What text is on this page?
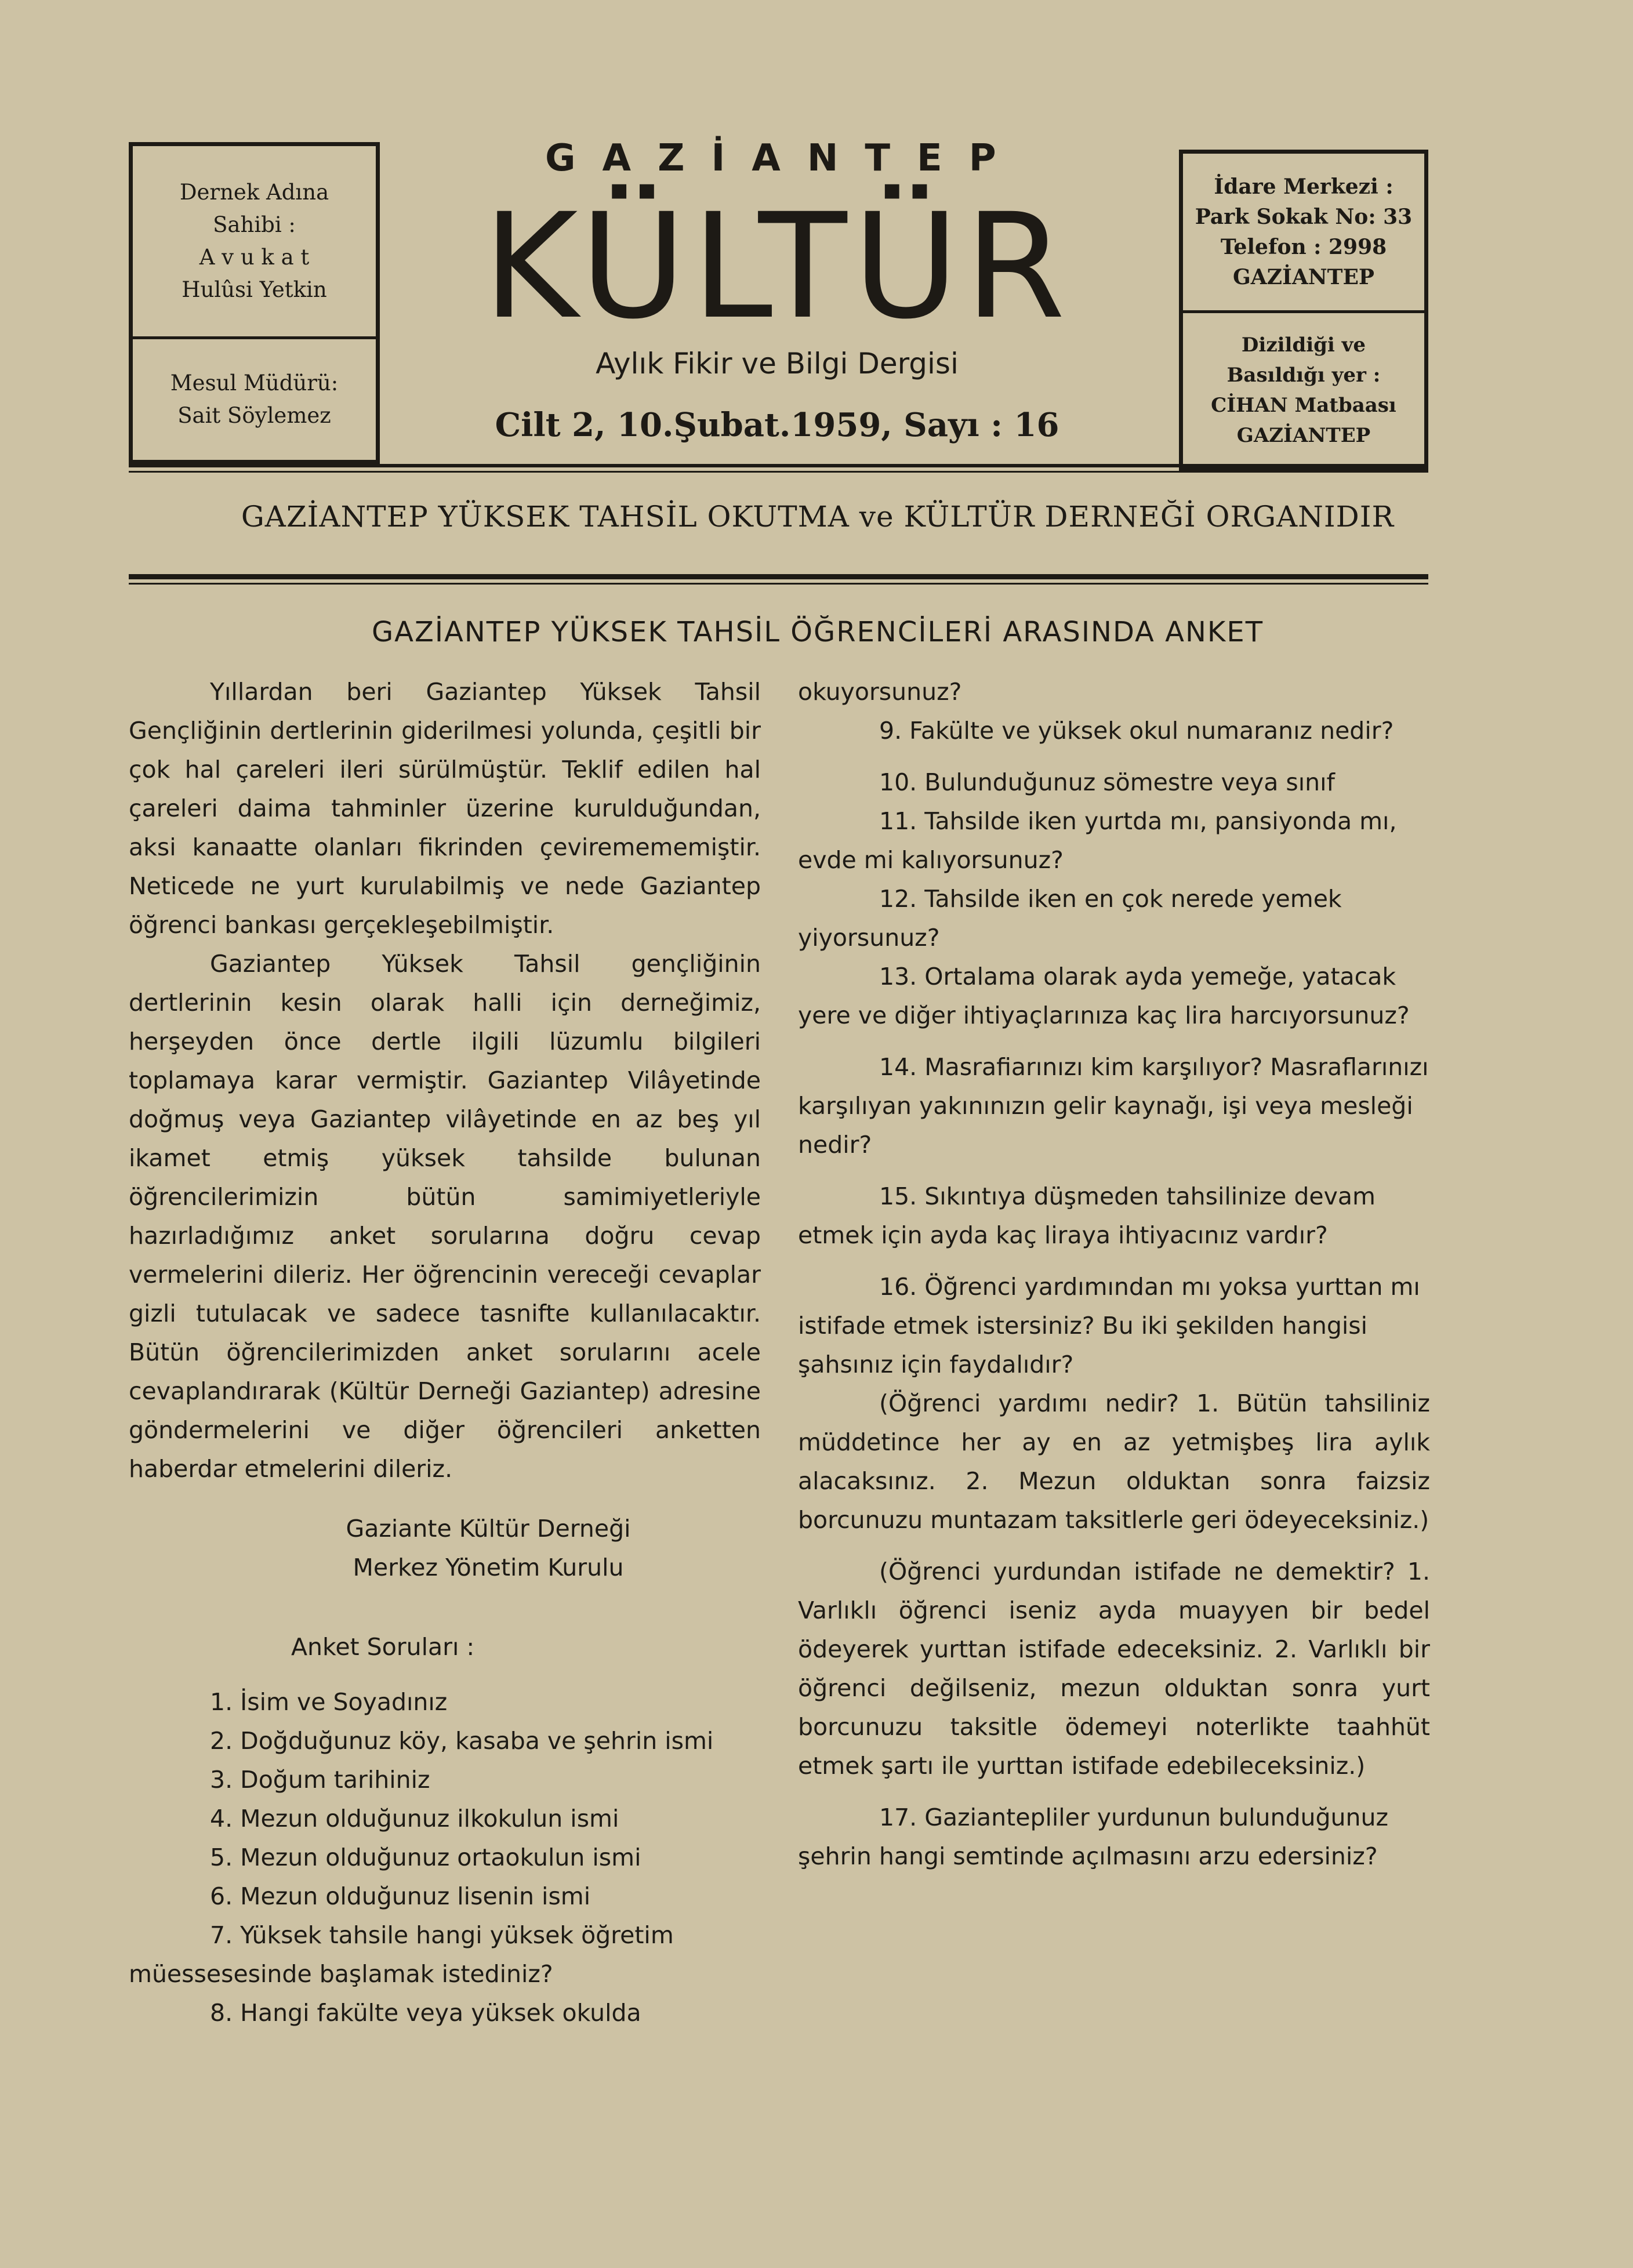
Dernek Adına
Sahibi :
A v u k a t
Hulûsi Yetkin
Mesul Müdürü:
Sait Söylemez
GAZİANTEP
KÜLTÜR
Aylık Fikir ve Bilgi Dergisi
Cilt 2, 10.Şubat.1959, Sayı : 16
İdare Merkezi :
Park Sokak No: 33
Telefon : 2998
GAZİANTEP
Dizildiği ve
Basıldığı yer :
CİHAN Matbaası
GAZİANTEP
GAZİANTEP YÜKSEK TAHSİL OKUTMA ve KÜLTÜR DERNEĞİ ORGANIDIR
GAZİANTEP YÜKSEK TAHSİL ÖĞRENCİLERİ ARASINDA ANKET

Yıllardan beri Gaziantep Yüksek Tahsil Gençliğinin dertlerinin giderilmesi yolunda, çeşitli bir çok hal çareleri ileri sürülmüştür. Teklif edilen hal çareleri daima tahminler üzerine kurulduğundan, aksi kanaatte olanları fikrinden çeviremememiştir. Neticede ne yurt kurulabilmiş ve nede Gaziantep öğrenci bankası gerçekleşebilmiştir.

Gaziantep Yüksek Tahsil gençliğinin dertlerinin kesin olarak halli için derneğimiz, herşeyden önce dertle ilgili lüzumlu bilgileri toplamaya karar vermiştir. Gaziantep Vilâyetinde doğmuş veya Gaziantep vilâyetinde en az beş yıl ikamet etmiş yüksek tahsilde bulunan öğrencilerimizin bütün samimiyetleriyle hazırladığımız anket sorularına doğru cevap vermelerini dileriz. Her öğrencinin vereceği cevaplar gizli tutulacak ve sadece tasnifte kullanılacaktır. Bütün öğrencilerimizden anket sorularını acele cevaplandırarak (Kültür Derneği Gaziantep) adresine göndermelerini ve diğer öğrencileri anketten haberdar etmelerini dileriz.

Gaziante Kültür Derneği

Merkez Yönetim Kurulu

Anket Soruları :

1. İsim ve Soyadınız

2. Doğduğunuz köy, kasaba ve şehrin ismi

3. Doğum tarihiniz

4. Mezun olduğunuz ilkokulun ismi

5. Mezun olduğunuz ortaokulun ismi

6. Mezun olduğunuz lisenin ismi

7. Yüksek tahsile hangi yüksek öğretim müessesesinde başlamak istediniz?

8. Hangi fakülte veya yüksek okulda

okuyorsunuz?

9. Fakülte ve yüksek okul numaranız nedir?

10. Bulunduğunuz sömestre veya sınıf

11. Tahsilde iken yurtda mı, pansiyonda mı, evde mi kalıyorsunuz?

12. Tahsilde iken en çok nerede yemek yiyorsunuz?

13. Ortalama olarak ayda yemeğe, yatacak yere ve diğer ihtiyaçlarınıza kaç lira harcıyorsunuz?

14. Masrafiarınızı kim karşılıyor? Masraflarınızı karşılıyan yakınınızın gelir kaynağı, işi veya mesleği nedir?

15. Sıkıntıya düşmeden tahsilinize devam etmek için ayda kaç liraya ihtiyacınız vardır?

16. Öğrenci yardımından mı yoksa yurttan mı istifade etmek istersiniz? Bu iki şekilden hangisi şahsınız için faydalıdır?

(Öğrenci yardımı nedir? 1. Bütün tahsiliniz müddetince her ay en az yetmişbeş lira aylık alacaksınız. 2. Mezun olduktan sonra faizsiz borcunuzu muntazam taksitlerle geri ödeyeceksiniz.)

(Öğrenci yurdundan istifade ne demektir? 1. Varlıklı öğrenci iseniz ayda muayyen bir bedel ödeyerek yurttan istifade edeceksiniz. 2. Varlıklı bir öğrenci değilseniz, mezun olduktan sonra yurt borcunuzu taksitle ödemeyi noterlikte taahhüt etmek şartı ile yurttan istifade edebileceksiniz.)

17. Gaziantepliler yurdunun bulunduğunuz şehrin hangi semtinde açılmasını arzu edersiniz?
